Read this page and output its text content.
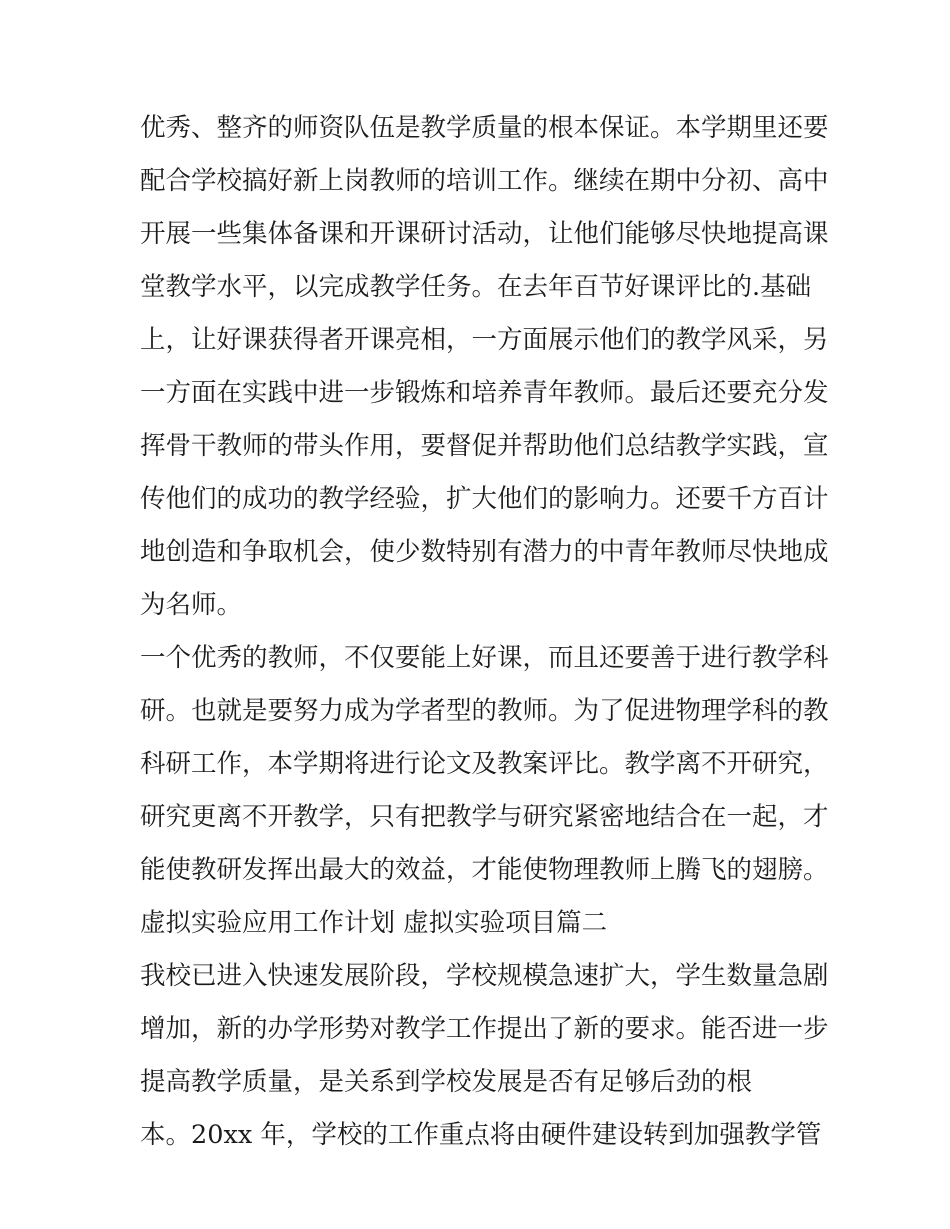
优秀、整齐的师资队伍是教学质量的根本保证。本学期里还要
配合学校搞好新上岗教师的培训工作。继续在期中分初、高中
开展一些集体备课和开课研讨活动，让他们能够尽快地提高课
堂教学水平，以完成教学任务。在去年百节好课评比的.基础
上，让好课获得者开课亮相，一方面展示他们的教学风采，另
一方面在实践中进一步锻炼和培养青年教师。最后还要充分发
挥骨干教师的带头作用，要督促并帮助他们总结教学实践，宣
传他们的成功的教学经验，扩大他们的影响力。还要千方百计
地创造和争取机会，使少数特别有潜力的中青年教师尽快地成
为名师。
一个优秀的教师，不仅要能上好课，而且还要善于进行教学科
研。也就是要努力成为学者型的教师。为了促进物理学科的教
科研工作，本学期将进行论文及教案评比。教学离不开研究，
研究更离不开教学，只有把教学与研究紧密地结合在一起，才
能使教研发挥出最大的效益，才能使物理教师上腾飞的翅膀。
虚拟实验应用工作计划 虚拟实验项目篇二
我校已进入快速发展阶段，学校规模急速扩大，学生数量急剧
增加，新的办学形势对教学工作提出了新的要求。能否进一步
提高教学质量，是关系到学校发展是否有足够后劲的根
本。20xx 年，学校的工作重点将由硬件建设转到加强教学管
